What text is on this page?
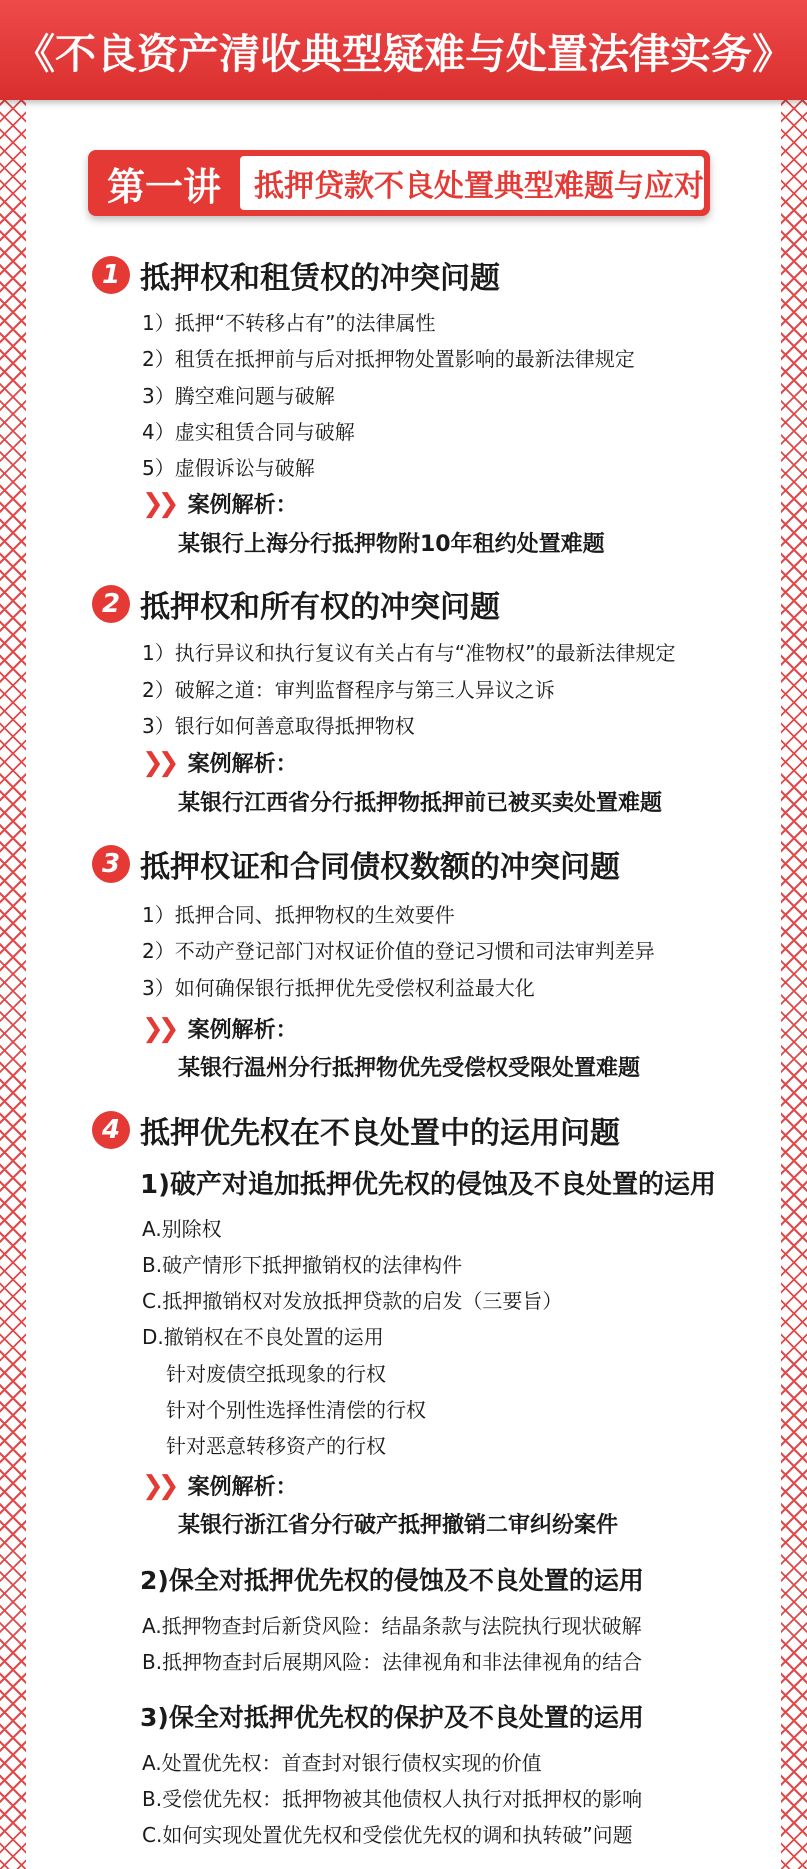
《不良资产清收典型疑难与处置法律实务》
第一讲	抵押贷款不良处置典型难题与应对
1 抵押权和租赁权的冲突问题
1）抵押“不转移占有”的法律属性
2）租赁在抵押前与后对抵押物处置影响的最新法律规定
3）腾空难问题与破解
4）虚实租赁合同与破解
5）虚假诉讼与破解
❯❯ 案例解析：
某银行上海分行抵押物附10年租约处置难题
2 抵押权和所有权的冲突问题
1）执行异议和执行复议有关占有与“准物权”的最新法律规定
2）破解之道：审判监督程序与第三人异议之诉
3）银行如何善意取得抵押物权
❯❯ 案例解析：
某银行江西省分行抵押物抵押前已被买卖处置难题
3 抵押权证和合同债权数额的冲突问题
1）抵押合同、抵押物权的生效要件
2）不动产登记部门对权证价值的登记习惯和司法审判差异
3）如何确保银行抵押优先受偿权利益最大化
❯❯ 案例解析：
某银行温州分行抵押物优先受偿权受限处置难题
4 抵押优先权在不良处置中的运用问题
1)破产对追加抵押优先权的侵蚀及不良处置的运用
A.别除权
B.破产情形下抵押撤销权的法律构件
C.抵押撤销权对发放抵押贷款的启发（三要旨）
D.撤销权在不良处置的运用
针对废债空抵现象的行权
针对个别性选择性清偿的行权
针对恶意转移资产的行权
❯❯ 案例解析：
某银行浙江省分行破产抵押撤销二审纠纷案件
2)保全对抵押优先权的侵蚀及不良处置的运用
A.抵押物查封后新贷风险：结晶条款与法院执行现状破解
B.抵押物查封后展期风险：法律视角和非法律视角的结合
3)保全对抵押优先权的保护及不良处置的运用
A.处置优先权：首查封对银行债权实现的价值
B.受偿优先权：抵押物被其他债权人执行对抵押权的影响
C.如何实现处置优先权和受偿优先权的调和执转破”问题
